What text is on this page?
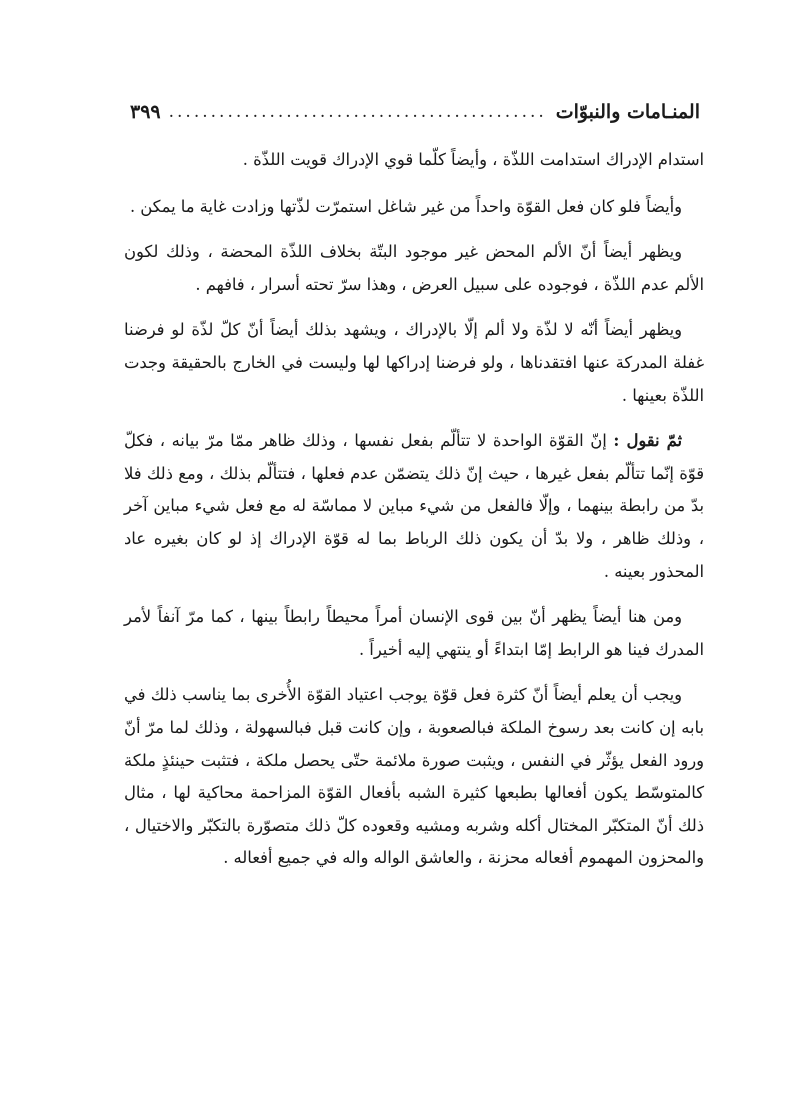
٣٩٩ .....	المنـامات والنبوّات

استدام الإدراك استدامت اللذّة ، وأيضاً كلّما قوي الإدراك قويت اللذّة .

وأيضاً فلو كان فعل القوّة واحداً من غير شاغل استمرّت لذّتها وزادت غاية ما يمكن .

ويظهر أيضاً أنّ الألم المحض غير موجود البتّة بخلاف اللذّة المحضة ، وذلك لكون الألم عدم اللذّة ، فوجوده على سبيل العرض ، وهذا سرّ تحته أسرار ، فافهم .

ويظهر أيضاً أنّه لا لذّة ولا ألم إلّا بالإدراك ، ويشهد بذلك أيضاً أنّ كلّ لذّة لو فرضنا غفلة المدركة عنها افتقدناها ، ولو فرضنا إدراكها لها وليست في الخارج بالحقيقة وجدت اللذّة بعينها .

ثمّ نقول : إنّ القوّة الواحدة لا تتألّم بفعل نفسها ، وذلك ظاهر ممّا مرّ بيانه ، فكلّ قوّة إنّما تتألّم بفعل غيرها ، حيث إنّ ذلك يتضمّن عدم فعلها ، فتتألّم بذلك ، ومع ذلك فلا بدّ من رابطة بينهما ، وإلّا فالفعل من شيء مباين لا مماسّة له مع فعل شيء مباين آخر ، وذلك ظاهر ، ولا بدّ أن يكون ذلك الرباط بما له قوّة الإدراك إذ لو كان بغيره عاد المحذور بعينه .

ومن هنا أيضاً يظهر أنّ بين قوى الإنسان أمراً محيطاً رابطاً بينها ، كما مرّ آنفاً لأمر المدرك فينا هو الرابط إمّا ابتداءً أو ينتهي إليه أخيراً .

ويجب أن يعلم أيضاً أنّ كثرة فعل قوّة يوجب اعتياد القوّة الأُخرى بما يناسب ذلك في بابه إن كانت بعد رسوخ الملكة فبالصعوبة ، وإن كانت قبل فبالسهولة ، وذلك لما مرّ أنّ ورود الفعل يؤثّر في النفس ، ويثبت صورة ملائمة حتّى يحصل ملكة ، فتثبت حينئذٍ ملكة كالمتوسّط يكون أفعالها بطبعها كثيرة الشبه بأفعال القوّة المزاحمة محاكية لها ، مثال ذلك أنّ المتكبّر المختال أكله وشربه ومشيه وقعوده كلّ ذلك متصوّرة بالتكبّر والاختيال ، والمحزون المهموم أفعاله محزنة ، والعاشق الواله واله في جميع أفعاله .
